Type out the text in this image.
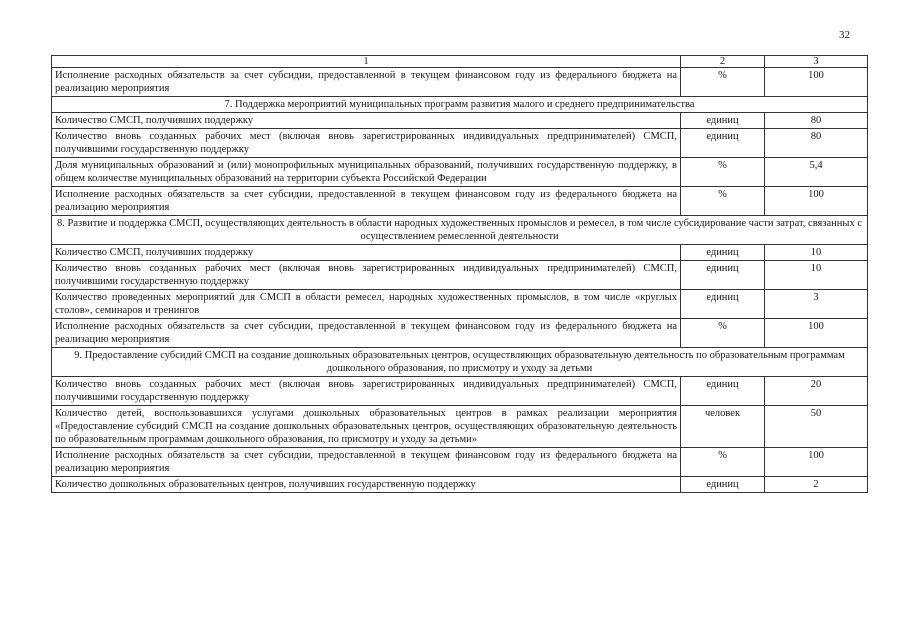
32
1	2	3
Исполнение расходных обязательств за счет субсидии, предоставленной в текущем финансовом году из федерального бюджета на реализацию мероприятия	%	100
7. Поддержка мероприятий муниципальных программ развития малого и среднего предпринимательства		
Количество СМСП, получивших поддержку	единиц	80
Количество вновь созданных рабочих мест (включая вновь зарегистрированных индивидуальных предпринимателей) СМСП, получившими государственную поддержку	единиц	80
Доля муниципальных образований и (или) монопрофильных муниципальных образований, получивших государственную поддержку, в общем количестве муниципальных образований на территории субъекта Российской Федерации	%	5,4
Исполнение расходных обязательств за счет субсидии, предоставленной в текущем финансовом году из федерального бюджета на реализацию мероприятия	%	100
8. Развитие и поддержка СМСП, осуществляющих деятельность в области народных художественных промыслов и ремесел, в том числе субсидирование части затрат, связанных с осуществлением ремесленной деятельности		
Количество СМСП, получивших поддержку	единиц	10
Количество вновь созданных рабочих мест (включая вновь зарегистрированных индивидуальных предпринимателей) СМСП, получившими государственную поддержку	единиц	10
Количество проведенных мероприятий для СМСП в области ремесел, народных художественных промыслов, в том числе «круглых столов», семинаров и тренингов	единиц	3
Исполнение расходных обязательств за счет субсидии, предоставленной в текущем финансовом году из федерального бюджета на реализацию мероприятия	%	100
9. Предоставление субсидий СМСП на создание дошкольных образовательных центров, осуществляющих образовательную деятельность по образовательным программам дошкольного образования, по присмотру и уходу за детьми		
Количество вновь созданных рабочих мест (включая вновь зарегистрированных индивидуальных предпринимателей) СМСП, получившими государственную поддержку	единиц	20
Количество детей, воспользовавшихся услугами дошкольных образовательных центров в рамках реализации мероприятия «Предоставление субсидий СМСП на создание дошкольных образовательных центров, осуществляющих образовательную деятельность по образовательным программам дошкольного образования, по присмотру и уходу за детьми»	человек	50
Исполнение расходных обязательств за счет субсидии, предоставленной в текущем финансовом году из федерального бюджета на реализацию мероприятия	%	100
Количество дошкольных образовательных центров, получивших государственную поддержку	единиц	2
